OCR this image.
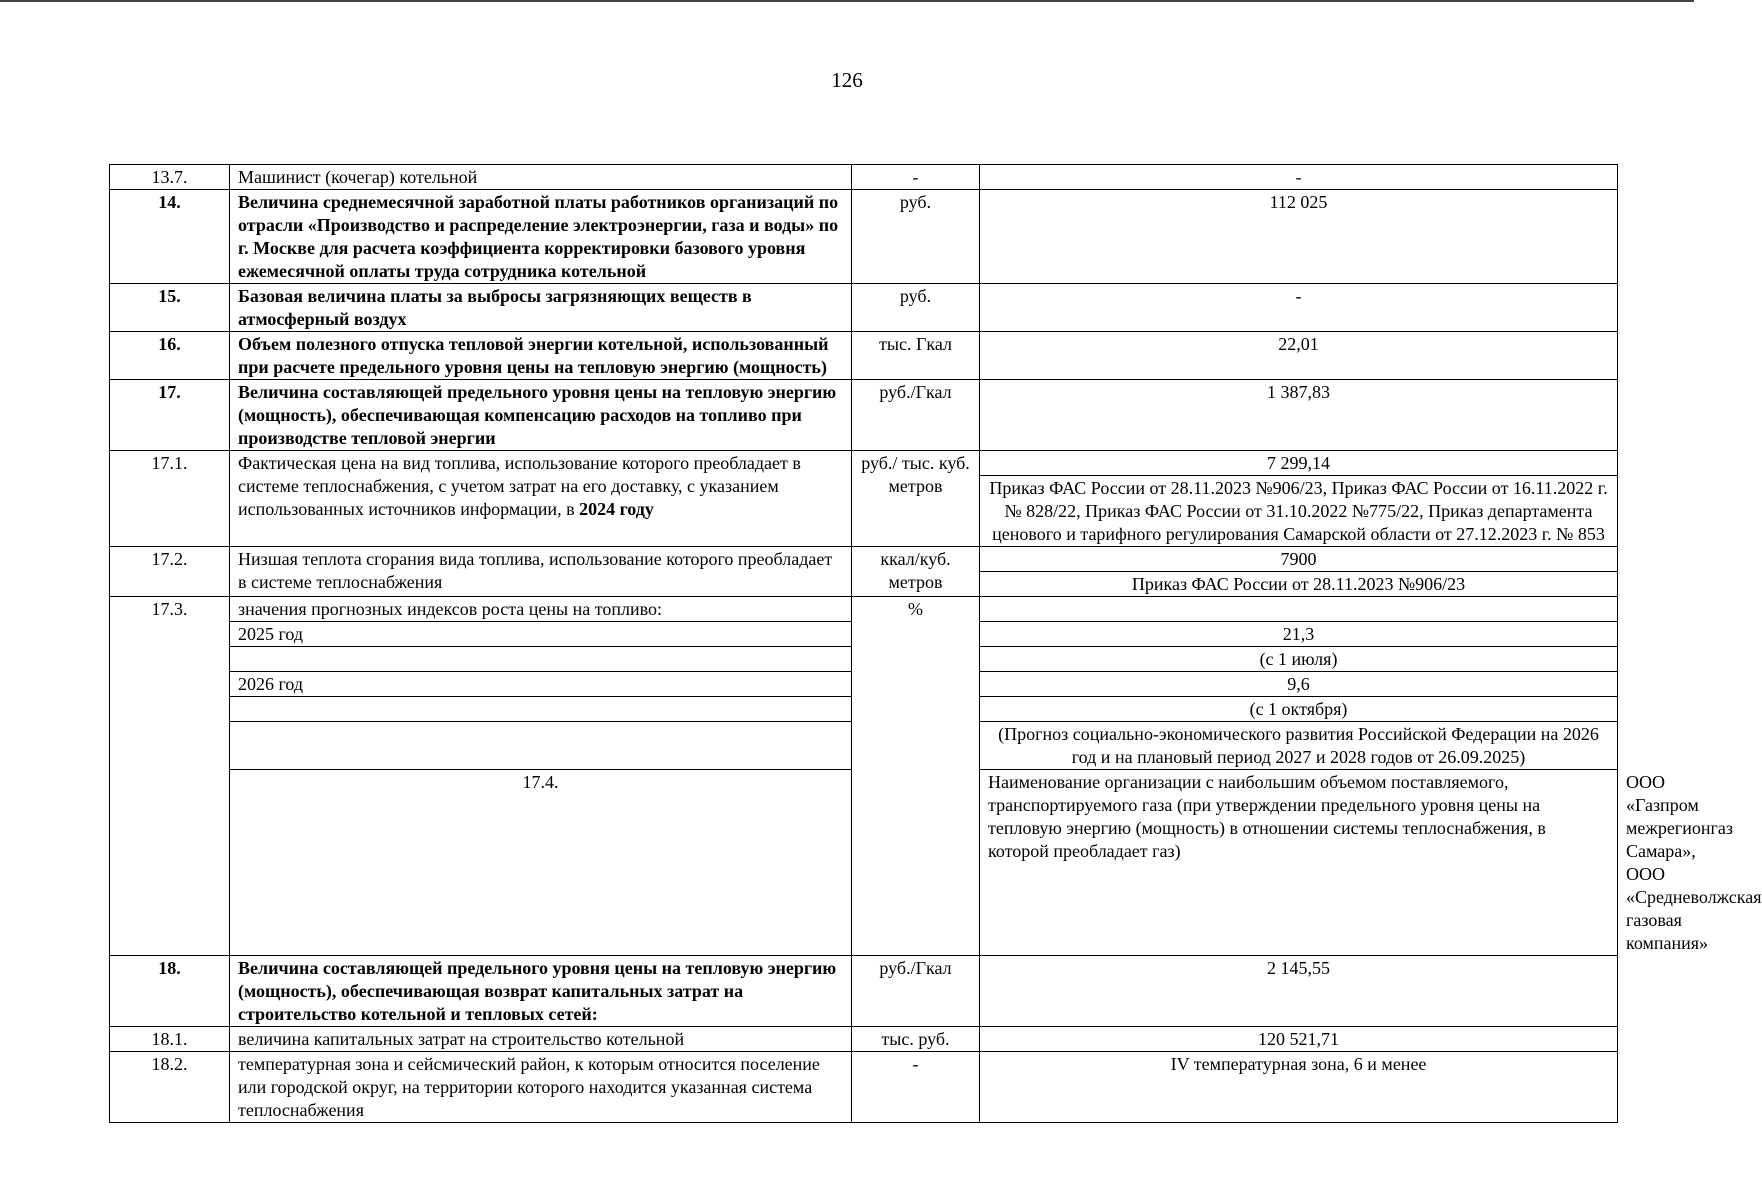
126
13.7.	Машинист (кочегар) котельной	-	-	
14.	Величина среднемесячной заработной платы работников организаций по отрасли «Производство и распределение электроэнергии, газа и воды» по г. Москве для расчета коэффициента корректировки базового уровня ежемесячной оплаты труда сотрудника котельной	руб.	112 025	
15.	Базовая величина платы за выбросы загрязняющих веществ в атмосферный воздух	руб.	-	
16.	Объем полезного отпуска тепловой энергии котельной, использованный при расчете предельного уровня цены на тепловую энергию (мощность)	тыс. Гкал	22,01	
17.	Величина составляющей предельного уровня цены на тепловую энергию (мощность), обеспечивающая компенсацию расходов на топливо при производстве тепловой энергии	руб./Гкал	1 387,83	
17.1.	Фактическая цена на вид топлива, использование которого преобладает в системе теплоснабжения, с учетом затрат на его доставку, с указанием использованных источников информации, в 2024 году	руб./ тыс. куб. метров	7 299,14	
			Приказ ФАС России от 28.11.2023 №906/23, Приказ ФАС России от 16.11.2022 г. № 828/22, Приказ ФАС России от 31.10.2022 №775/22, Приказ департамента ценового и тарифного регулирования Самарской области от 27.12.2023 г. № 853	
17.2.	Низшая теплота сгорания вида топлива, использование которого преобладает в системе теплоснабжения	ккал/куб. метров	7900	
			Приказ ФАС России от 28.11.2023 №906/23	
17.3.	значения прогнозных индексов роста цены на топливо:	%		
	2025 год		21,3	
			(с 1 июля)	
	2026 год		9,6	
			(с 1 октября)	
			(Прогноз социально-экономического развития Российской Федерации на 2026 год и на плановый период 2027 и 2028 годов от 26.09.2025)	
	17.4.		Наименование организации с наибольшим объемом поставляемого, транспортируемого газа (при утверждении предельного уровня цены на тепловую энергию (мощность) в отношении системы теплоснабжения, в которой преобладает газ)		ООО «Газпром межрегионгаз Самара», ООО «Средневолжская газовая компания»
18.	Величина составляющей предельного уровня цены на тепловую энергию (мощность), обеспечивающая возврат капитальных затрат на строительство котельной и тепловых сетей:	руб./Гкал	2 145,55	
18.1.	величина капитальных затрат на строительство котельной	тыс. руб.	120 521,71	
18.2.	температурная зона и сейсмический район, к которым относится поселение или городской округ, на территории которого находится указанная система теплоснабжения	-	IV температурная зона, 6 и менее	
